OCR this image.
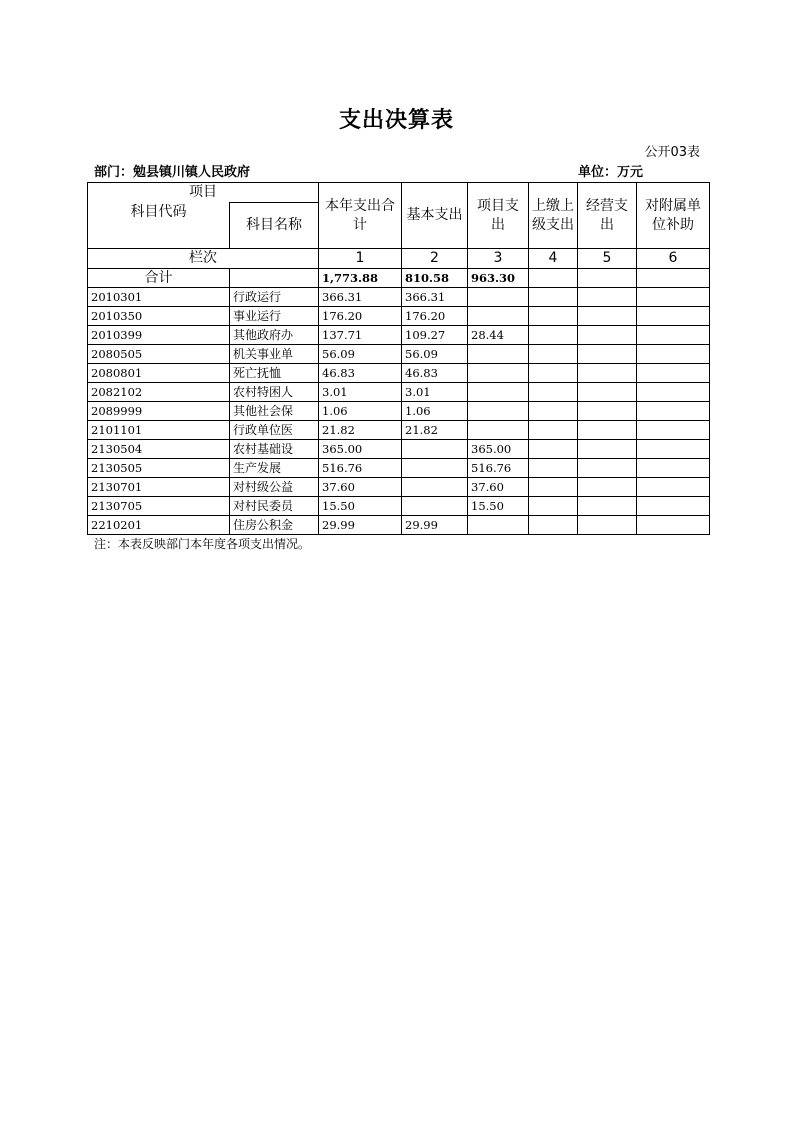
支出决算表
公开03表
部门：勉县镇川镇人民政府	单位：万元
项目		本年支出合计	基本支出	项目支出	上缴上级支出	经营支出	对附属单位补助
科目代码	科目名称						
栏次		1	2	3	4	5	6
合计		1,773.88	810.58	963.30			
2010301	行政运行	366.31	366.31				
2010350	事业运行	176.20	176.20				
2010399	其他政府办	137.71	109.27	28.44			
2080505	机关事业单	56.09	56.09				
2080801	死亡抚恤	46.83	46.83				
2082102	农村特困人	3.01	3.01				
2089999	其他社会保	1.06	1.06				
2101101	行政单位医	21.82	21.82				
2130504	农村基础设	365.00		365.00			
2130505	生产发展	516.76		516.76			
2130701	对村级公益	37.60		37.60			
2130705	对村民委员	15.50		15.50			
2210201	住房公积金	29.99	29.99				
注：本表反映部门本年度各项支出情况。
